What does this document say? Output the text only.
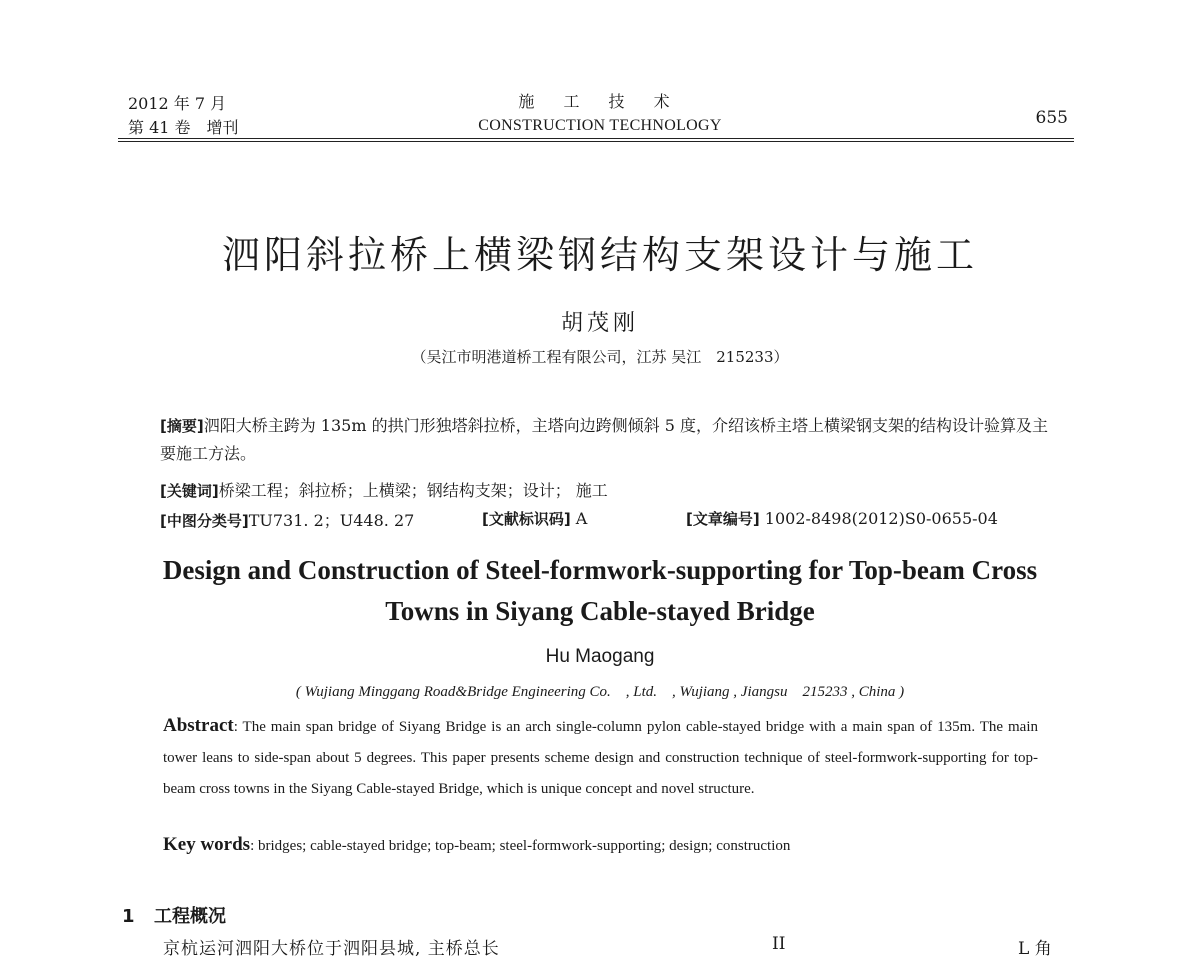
2012 年 7 月
第 41 卷　增刊
施 工 技 术
CONSTRUCTION TECHNOLOGY	655
泗阳斜拉桥上横梁钢结构支架设计与施工
胡茂刚
（吴江市明港道桥工程有限公司，江苏 吴江　215233）
[摘要]泗阳大桥主跨为 135m 的拱门形独塔斜拉桥，主塔向边跨侧倾斜 5 度，介绍该桥主塔上横梁钢支架的结构设计验算及主要施工方法。
[关键词]桥梁工程；斜拉桥；上横梁；钢结构支架；设计； 施工
[中图分类号]TU731. 2；U448. 27	[文献标识码] A	[文章编号] 1002-8498(2012)S0-0655-04
Design and Construction of Steel-formwork-supporting for Top-beam Cross
Towns in Siyang Cable-stayed Bridge
Hu Maogang
( Wujiang Minggang Road&Bridge Engineering Co.　, Ltd.　, Wujiang , Jiangsu　215233 , China )
Abstract: The main span bridge of Siyang Bridge is an arch single-column pylon cable-stayed bridge with a main span of 135m. The main tower leans to side-span about 5 degrees. This paper presents scheme design and construction technique of steel-formwork-supporting for top-beam cross towns in the Siyang Cable-stayed Bridge, which is unique concept and novel structure.
Key words: bridges; cable-stayed bridge; top-beam; steel-formwork-supporting; design; construction
1 工程概况
京杭运河泗阳大桥位于泗阳县城, 主桥总长	II	L 角
